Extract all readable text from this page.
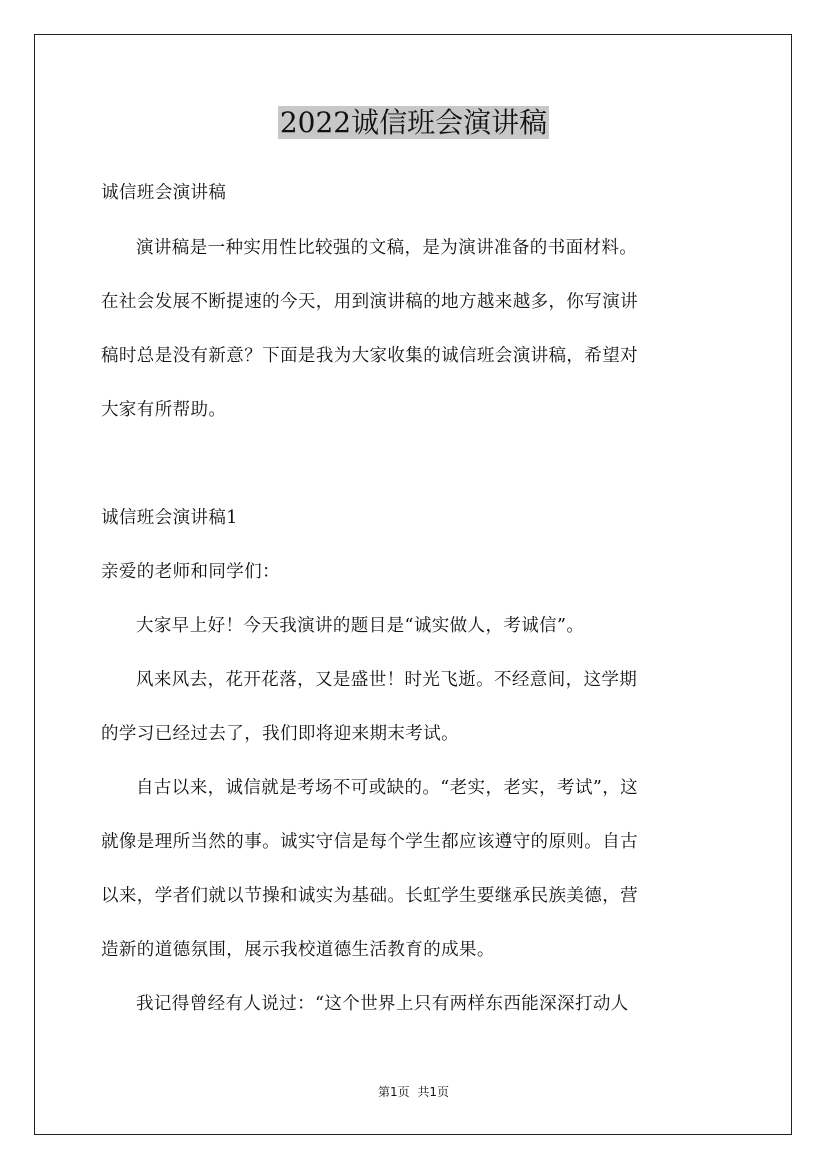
2022诚信班会演讲稿

诚信班会演讲稿

演讲稿是一种实用性比较强的文稿，是为演讲准备的书面材料。

在社会发展不断提速的今天，用到演讲稿的地方越来越多，你写演讲

稿时总是没有新意？下面是我为大家收集的诚信班会演讲稿，希望对

大家有所帮助。

诚信班会演讲稿1

亲爱的老师和同学们：

大家早上好！今天我演讲的题目是“诚实做人，考诚信”。

风来风去，花开花落，又是盛世！时光飞逝。不经意间，这学期

的学习已经过去了，我们即将迎来期末考试。

自古以来，诚信就是考场不可或缺的。“老实，老实，考试”，这

就像是理所当然的事。诚实守信是每个学生都应该遵守的原则。自古

以来，学者们就以节操和诚实为基础。长虹学生要继承民族美德，营

造新的道德氛围，展示我校道德生活教育的成果。

我记得曾经有人说过：“这个世界上只有两样东西能深深打动人

第1页 共1页
